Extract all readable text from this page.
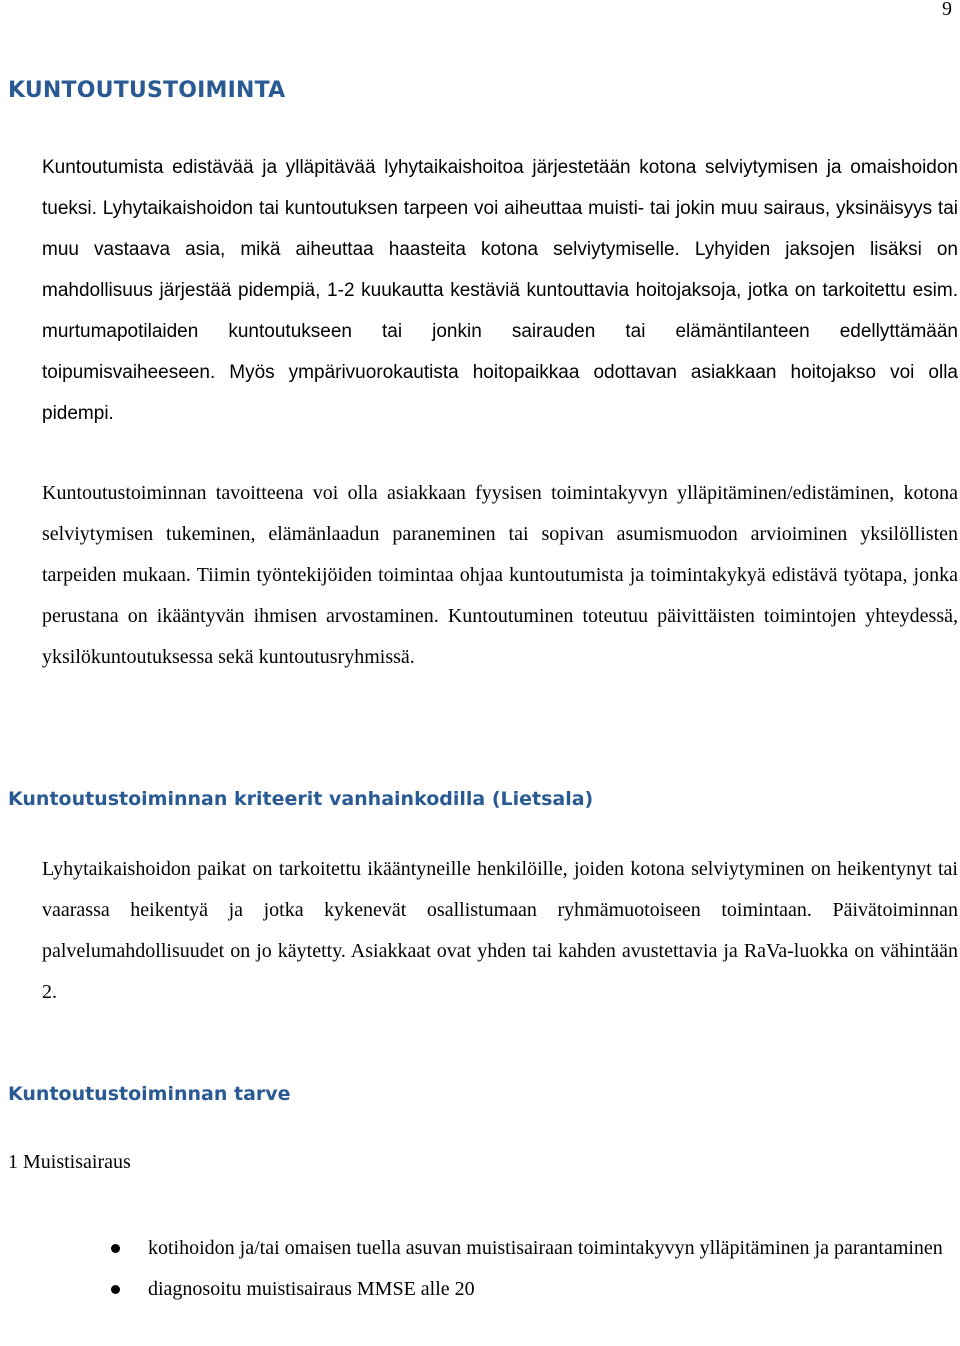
9
KUNTOUTUSTOIMINTA

Kuntoutumista edistävää ja ylläpitävää lyhytaikaishoitoa järjestetään kotona selviytymisen ja omaishoidon tueksi. Lyhytaikaishoidon tai kuntoutuksen tarpeen voi aiheuttaa muisti- tai jokin muu sairaus, yksinäisyys tai muu vastaava asia, mikä aiheuttaa haasteita kotona selviytymiselle. Lyhyiden jaksojen lisäksi on mahdollisuus järjestää pidempiä, 1-2 kuukautta kestäviä kuntouttavia hoitojaksoja, jotka on tarkoitettu esim. murtumapotilaiden kuntoutukseen tai jonkin sairauden tai elämäntilanteen edellyttämään toipumisvaiheeseen. Myös ympärivuorokautista hoitopaikkaa odottavan asiakkaan hoitojakso voi olla pidempi.

Kuntoutustoiminnan tavoitteena voi olla asiakkaan fyysisen toimintakyvyn ylläpitäminen/edistäminen, kotona selviytymisen tukeminen, elämänlaadun paraneminen tai sopivan asumismuodon arvioiminen yksilöllisten tarpeiden mukaan. Tiimin työntekijöiden toimintaa ohjaa kuntoutumista ja toimintakykyä edistävä työtapa, jonka perustana on ikääntyvän ihmisen arvostaminen. Kuntoutuminen toteutuu päivittäisten toimintojen yhteydessä, yksilökuntoutuksessa sekä kuntoutusryhmissä.

Kuntoutustoiminnan kriteerit vanhainkodilla (Lietsala)

Lyhytaikaishoidon paikat on tarkoitettu ikääntyneille henkilöille, joiden kotona selviytyminen on heikentynyt tai vaarassa heikentyä ja jotka kykenevät osallistumaan ryhmämuotoiseen toimintaan. Päivätoiminnan palvelumahdollisuudet on jo käytetty. Asiakkaat ovat yhden tai kahden avustettavia ja RaVa-luokka on vähintään 2.

Kuntoutustoiminnan tarve

1 Muistisairaus

kotihoidon ja/tai omaisen tuella asuvan muistisairaan toimintakyvyn ylläpitäminen ja parantaminen
diagnosoitu muistisairaus MMSE alle 20
